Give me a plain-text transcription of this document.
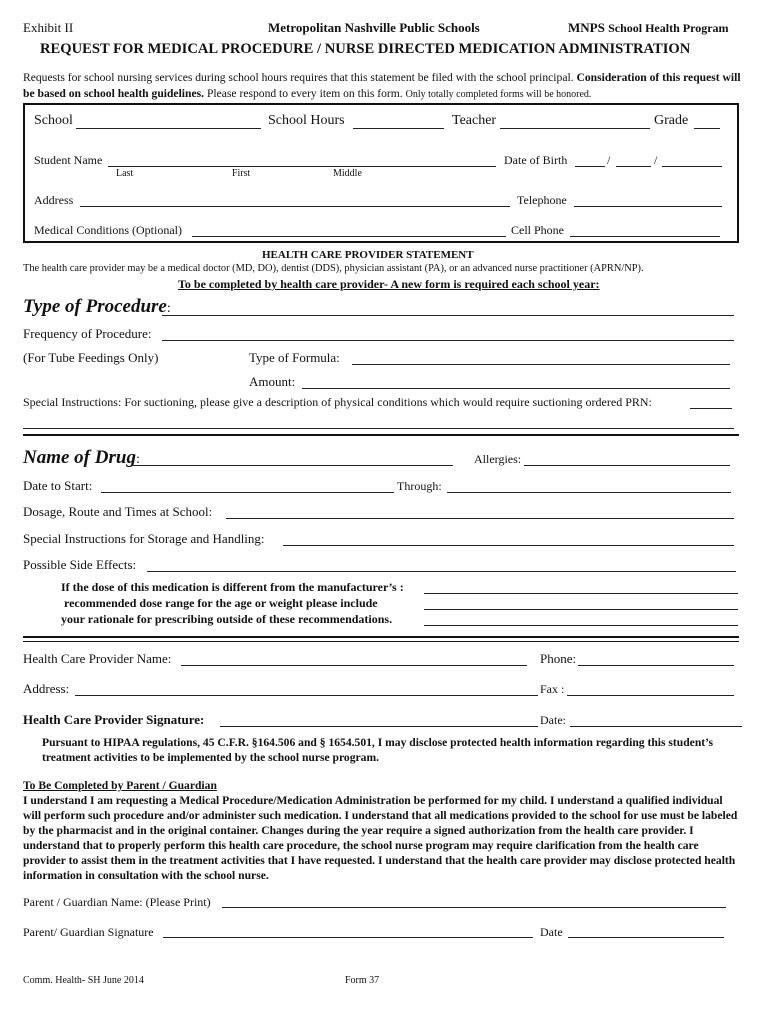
Exhibit II	Metropolitan Nashville Public Schools	MNPS School Health Program
REQUEST FOR MEDICAL PROCEDURE / NURSE DIRECTED MEDICATION ADMINISTRATION
Requests for school nursing services during school hours requires that this statement be filed with the school principal. Consideration of this request will be based on school health guidelines. Please respond to every item on this form. Only totally completed forms will be honored.
School	School Hours	Teacher	Grade
Student Name
Last	First	Middle
Date of Birth	/	/
Address	Telephone
Medical Conditions (Optional)	Cell Phone
HEALTH CARE PROVIDER STATEMENT
The health care provider may be a medical doctor (MD, DO), dentist (DDS), physician assistant (PA), or an advanced nurse practitioner (APRN/NP).
To be completed by health care provider- A new form is required each school year:
Type of Procedure:
Frequency of Procedure:
(For Tube Feedings Only)	Type of Formula:
Amount:
Special Instructions: For suctioning, please give a description of physical conditions which would require suctioning ordered PRN:
Name of Drug:	Allergies:
Date to Start:	Through:
Dosage, Route and Times at School:
Special Instructions for Storage and Handling:
Possible Side Effects:
If the dose of this medication is different from the manufacturer’s :
recommended dose range for the age or weight please include
your rationale for prescribing outside of these recommendations.
Health Care Provider Name:	Phone:
Address:	Fax :
Health Care Provider Signature:	Date:
Pursuant to HIPAA regulations, 45 C.F.R. §164.506 and § 1654.501, I may disclose protected health information regarding this student’s treatment activities to be implemented by the school nurse program.
To Be Completed by Parent / Guardian
I understand I am requesting a Medical Procedure/Medication Administration be performed for my child. I understand a qualified individual will perform such procedure and/or administer such medication. I understand that all medications provided to the school for use must be labeled by the pharmacist and in the original container. Changes during the year require a signed authorization from the health care provider. I understand that to properly perform this health care procedure, the school nurse program may require clarification from the health care provider to assist them in the treatment activities that I have requested. I understand that the health care provider may disclose protected health information in consultation with the school nurse.
Parent / Guardian Name: (Please Print)
Parent/ Guardian Signature	Date
Comm. Health- SH June 2014	Form 37
